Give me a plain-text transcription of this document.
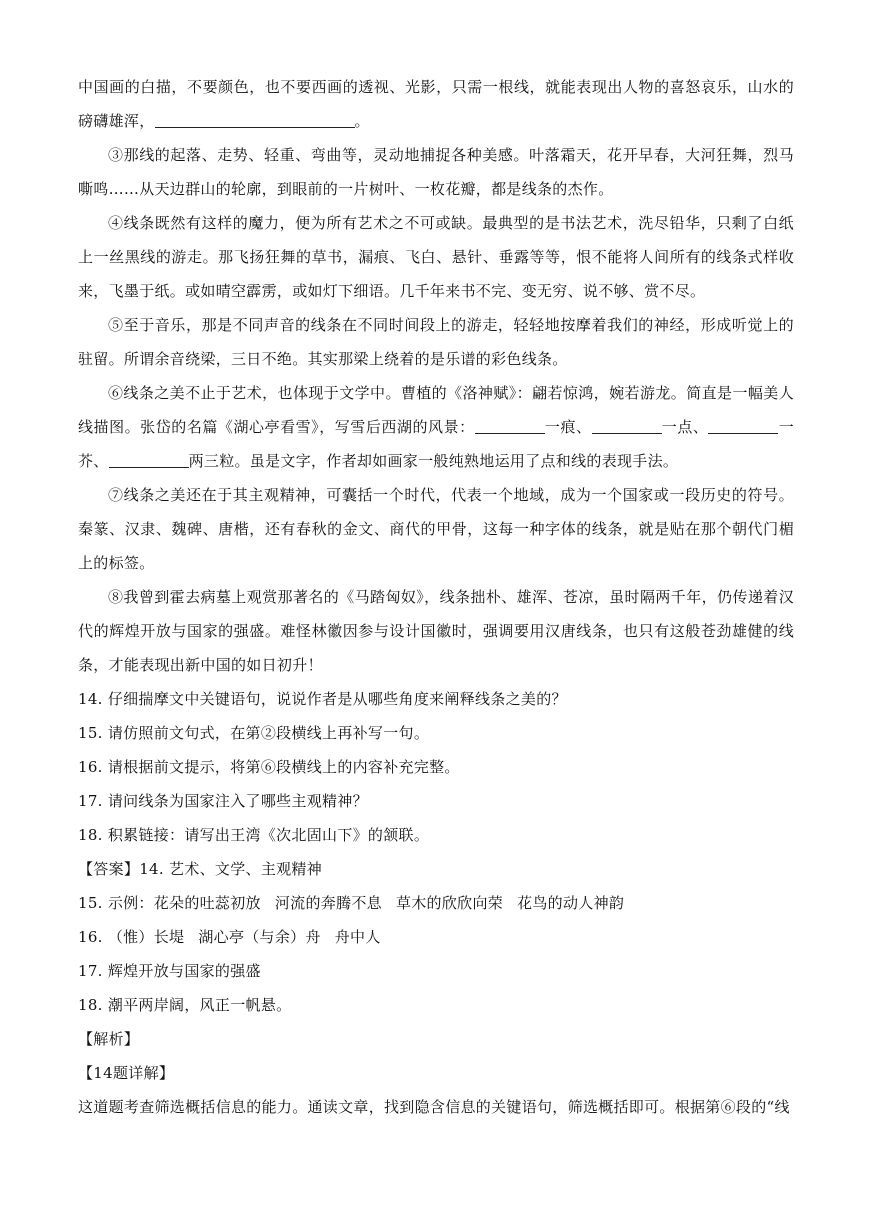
中国画的白描，不要颜色，也不要西画的透视、光影，只需一根线，就能表现出人物的喜怒哀乐，山水的磅礴雄浑，	。

③那线的起落、走势、轻重、弯曲等，灵动地捕捉各种美感。叶落霜天，花开早春，大河狂舞，烈马嘶鸣……从天边群山的轮廓，到眼前的一片树叶、一枚花瓣，都是线条的杰作。

④线条既然有这样的魔力，便为所有艺术之不可或缺。最典型的是书法艺术，洗尽铅华，只剩了白纸上一丝黑线的游走。那飞扬狂舞的草书，漏痕、飞白、悬针、垂露等等，恨不能将人间所有的线条式样收来，飞墨于纸。或如晴空霹雳，或如灯下细语。几千年来书不完、变无穷、说不够、赏不尽。

⑤至于音乐，那是不同声音的线条在不同时间段上的游走，轻轻地按摩着我们的神经，形成听觉上的驻留。所谓余音绕梁，三日不绝。其实那梁上绕着的是乐谱的彩色线条。

⑥线条之美不止于艺术，也体现于文学中。曹植的《洛神赋》：翩若惊鸿，婉若游龙。简直是一幅美人线描图。张岱的名篇《湖心亭看雪》，写雪后西湖的风景：	一痕、	一点、	一芥、	两三粒。虽是文字，作者却如画家一般纯熟地运用了点和线的表现手法。

⑦线条之美还在于其主观精神，可囊括一个时代，代表一个地域，成为一个国家或一段历史的符号。秦篆、汉隶、魏碑、唐楷，还有春秋的金文、商代的甲骨，这每一种字体的线条，就是贴在那个朝代门楣上的标签。

⑧我曾到霍去病墓上观赏那著名的《马踏匈奴》，线条拙朴、雄浑、苍凉，虽时隔两千年，仍传递着汉代的辉煌开放与国家的强盛。难怪林徽因参与设计国徽时，强调要用汉唐线条，也只有这般苍劲雄健的线条，才能表现出新中国的如日初升！

14. 仔细揣摩文中关键语句，说说作者是从哪些角度来阐释线条之美的？

15. 请仿照前文句式，在第②段横线上再补写一句。

16. 请根据前文提示，将第⑥段横线上的内容补充完整。

17. 请问线条为国家注入了哪些主观精神？

18. 积累链接：请写出王湾《次北固山下》的颔联。

【答案】14. 艺术、文学、主观精神

15. 示例：花朵的吐蕊初放 河流的奔腾不息 草木的欣欣向荣 花鸟的动人神韵

16. （惟）长堤 湖心亭（与余）舟 舟中人

17. 辉煌开放与国家的强盛

18. 潮平两岸阔，风正一帆悬。

【解析】

【14题详解】

这道题考查筛选概括信息的能力。通读文章，找到隐含信息的关键语句，筛选概括即可。根据第⑥段的“线
